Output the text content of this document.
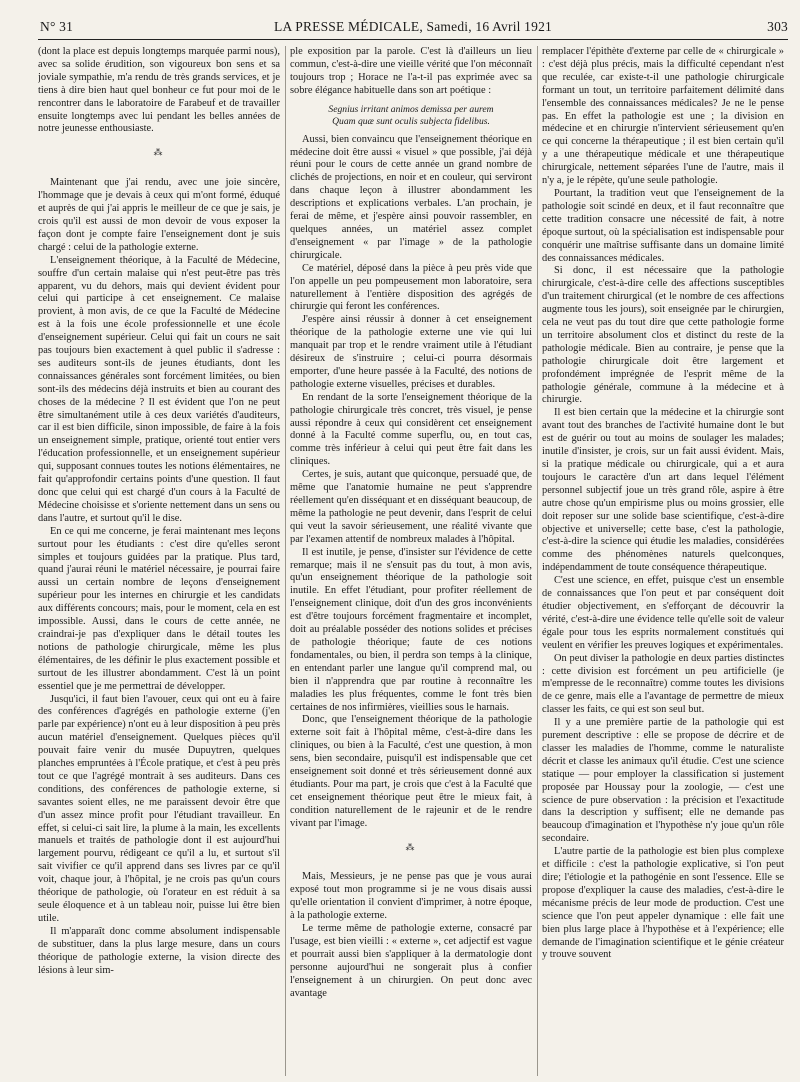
N° 31	LA PRESSE MÉDICALE, Samedi, 16 Avril 1921	303

(dont la place est depuis longtemps marquée parmi nous), avec sa solide érudition, son vigoureux bon sens et sa joviale sympathie, m'a rendu de très grands services, et je tiens à dire bien haut quel bonheur ce fut pour moi de le rencontrer dans le laboratoire de Farabeuf et de travailler ensuite longtemps avec lui pendant les belles années de notre jeunesse enthousiaste.

⁂

Maintenant que j'ai rendu, avec une joie sincère, l'hommage que je devais à ceux qui m'ont formé, éduqué et auprès de qui j'ai appris le meilleur de ce que je sais, je crois qu'il est aussi de mon devoir de vous exposer la façon dont je compte faire l'enseignement dont je suis chargé : celui de la pathologie externe.

L'enseignement théorique, à la Faculté de Médecine, souffre d'un certain malaise qui n'est peut-être pas très apparent, vu du dehors, mais qui devient évident pour celui qui participe à cet enseignement. Ce malaise provient, à mon avis, de ce que la Faculté de Médecine est à la fois une école professionnelle et une école d'enseignement supérieur. Celui qui fait un cours ne sait pas toujours bien exactement à quel public il s'adresse : ses auditeurs sont-ils de jeunes étudiants, dont les connaissances générales sont forcément limitées, ou bien sont-ils des médecins déjà instruits et bien au courant des choses de la médecine ? Il est évident que l'on ne peut être simultanément utile à ces deux variétés d'auditeurs, car il est bien difficile, sinon impossible, de faire à la fois un enseignement simple, pratique, orienté tout entier vers l'éducation professionnelle, et un enseignement supérieur qui, supposant connues toutes les notions élémentaires, ne fait qu'approfondir certains points d'une question. Il faut donc que celui qui est chargé d'un cours à la Faculté de Médecine choisisse et s'oriente nettement dans un sens ou dans l'autre, et surtout qu'il le dise.

En ce qui me concerne, je ferai maintenant mes leçons surtout pour les étudiants : c'est dire qu'elles seront simples et toujours guidées par la pratique. Plus tard, quand j'aurai réuni le matériel nécessaire, je pourrai faire aussi un certain nombre de leçons d'enseignement supérieur pour les internes en chirurgie et les candidats aux différents concours; mais, pour le moment, cela en est impossible. Aussi, dans le cours de cette année, ne craindrai-je pas d'expliquer dans le détail toutes les notions de pathologie chirurgicale, même les plus élémentaires, de les définir le plus exactement possible et surtout de les illustrer abondamment. C'est là un point essentiel que je me permettrai de développer.

Jusqu'ici, il faut bien l'avouer, ceux qui ont eu à faire des conférences d'agrégés en pathologie externe (j'en parle par expérience) n'ont eu à leur disposition à peu près aucun matériel d'enseignement. Quelques pièces qu'il pouvait faire venir du musée Dupuytren, quelques planches empruntées à l'École pratique, et c'est à peu près tout ce que l'agrégé montrait à ses auditeurs. Dans ces conditions, des conférences de pathologie externe, si savantes soient elles, ne me paraissent devoir être que d'un assez mince profit pour l'étudiant travailleur. En effet, si celui-ci sait lire, la plume à la main, les excellents manuels et traités de pathologie dont il est aujourd'hui largement pourvu, rédigeant ce qu'il a lu, et surtout s'il sait vivifier ce qu'il apprend dans ses livres par ce qu'il voit, chaque jour, à l'hôpital, je ne crois pas qu'un cours théorique de pathologie, où l'orateur en est réduit à sa seule éloquence et à un tableau noir, puisse lui être bien utile.

Il m'apparaît donc comme absolument indispensable de substituer, dans la plus large mesure, dans un cours théorique de pathologie externe, la vision directe des lésions à leur sim-

ple exposition par la parole. C'est là d'ailleurs un lieu commun, c'est-à-dire une vieille vérité que l'on méconnaît toujours trop ; Horace ne l'a-t-il pas exprimée avec sa sobre élégance habituelle dans son art poétique :

Segnius irritant animos demissa per aurem
Quam quæ sunt oculis subjecta fidelibus.

Aussi, bien convaincu que l'enseignement théorique en médecine doit être aussi « visuel » que possible, j'ai déjà réuni pour le cours de cette année un grand nombre de clichés de projections, en noir et en couleur, qui serviront dans chaque leçon à illustrer abondamment les descriptions et explications verbales. L'an prochain, je ferai de même, et j'espère ainsi pouvoir rassembler, en quelques années, un matériel assez complet d'enseignement « par l'image » de la pathologie chirurgicale.

Ce matériel, déposé dans la pièce à peu près vide que l'on appelle un peu pompeusement mon laboratoire, sera naturellement à l'entière disposition des agrégés de chirurgie qui feront les conférences.

J'espère ainsi réussir à donner à cet enseignement théorique de la pathologie externe une vie qui lui manquait par trop et le rendre vraiment utile à l'étudiant désireux de s'instruire ; celui-ci pourra désormais emporter, d'une heure passée à la Faculté, des notions de pathologie externe visuelles, précises et durables.

En rendant de la sorte l'enseignement théorique de la pathologie chirurgicale très concret, très visuel, je pense aussi répondre à ceux qui considèrent cet enseignement donné à la Faculté comme superflu, ou, en tout cas, comme très inférieur à celui qui peut être fait dans les cliniques.

Certes, je suis, autant que quiconque, persuadé que, de même que l'anatomie humaine ne peut s'apprendre réellement qu'en disséquant et en disséquant beaucoup, de même la pathologie ne peut devenir, dans l'esprit de celui qui veut la savoir sérieusement, une réalité vivante que par l'examen attentif de nombreux malades à l'hôpital.

Il est inutile, je pense, d'insister sur l'évidence de cette remarque; mais il ne s'ensuit pas du tout, à mon avis, qu'un enseignement théorique de la pathologie soit inutile. En effet l'étudiant, pour profiter réellement de l'enseignement clinique, doit d'un des gros inconvénients est d'être toujours forcément fragmentaire et incomplet, doit au préalable posséder des notions solides et précises de pathologie théorique; faute de ces notions fondamentales, ou bien, il perdra son temps à la clinique, en entendant parler une langue qu'il comprend mal, ou bien il n'apprendra que par routine à reconnaître les maladies les plus fréquentes, comme le font très bien certaines de nos infirmières, vieillies sous le harnais.

Donc, que l'enseignement théorique de la pathologie externe soit fait à l'hôpital même, c'est-à-dire dans les cliniques, ou bien à la Faculté, c'est une question, à mon sens, bien secondaire, puisqu'il est indispensable que cet enseignement soit donné et très sérieusement donné aux étudiants. Pour ma part, je crois que c'est à la Faculté que cet enseignement théorique peut être le mieux fait, à condition naturellement de le rajeunir et de le rendre vivant par l'image.

⁂

Mais, Messieurs, je ne pense pas que je vous aurai exposé tout mon programme si je ne vous disais aussi qu'elle orientation il convient d'imprimer, à notre époque, à la pathologie externe.

Le terme même de pathologie externe, consacré par l'usage, est bien vieilli : « externe », cet adjectif est vague et pourrait aussi bien s'appliquer à la dermatologie dont personne aujourd'hui ne songerait plus à confier l'enseignement à un chirurgien. On peut donc avec avantage

remplacer l'épithète d'externe par celle de « chirurgicale » : c'est déjà plus précis, mais la difficulté cependant n'est que reculée, car existe-t-il une pathologie chirurgicale formant un tout, un territoire parfaitement délimité dans l'ensemble des connaissances médicales? Je ne le pense pas. En effet la pathologie est une ; la division en médecine et en chirurgie n'intervient sérieusement qu'en ce qui concerne la thérapeutique ; il est bien certain qu'il y a une thérapeutique médicale et une thérapeutique chirurgicale, nettement séparées l'une de l'autre, mais il n'y a, je le répète, qu'une seule pathologie.

Pourtant, la tradition veut que l'enseignement de la pathologie soit scindé en deux, et il faut reconnaître que cette tradition consacre une nécessité de fait, à notre époque surtout, où la spécialisation est indispensable pour conquérir une maîtrise suffisante dans un domaine limité des connaissances médicales.

Si donc, il est nécessaire que la pathologie chirurgicale, c'est-à-dire celle des affections susceptibles d'un traitement chirurgical (et le nombre de ces affections augmente tous les jours), soit enseignée par le chirurgien, cela ne veut pas du tout dire que cette pathologie forme un territoire absolument clos et distinct du reste de la pathologie médicale. Bien au contraire, je pense que la pathologie chirurgicale doit être largement et profondément imprégnée de l'esprit même de la pathologie générale, commune à la médecine et à chirurgie.

Il est bien certain que la médecine et la chirurgie sont avant tout des branches de l'activité humaine dont le but est de guérir ou tout au moins de soulager les malades; inutile d'insister, je crois, sur un fait aussi évident. Mais, si la pratique médicale ou chirurgicale, qui a et aura toujours le caractère d'un art dans lequel l'élément personnel subjectif joue un très grand rôle, aspire à être autre chose qu'un empirisme plus ou moins grossier, elle doit reposer sur une solide base scientifique, c'est-à-dire objective et universelle; cette base, c'est la pathologie, c'est-à-dire la science qui étudie les maladies, considérées comme des phénomènes naturels quelconques, indépendamment de toute conséquence thérapeutique.

C'est une science, en effet, puisque c'est un ensemble de connaissances que l'on peut et par conséquent doit étudier objectivement, en s'efforçant de découvrir la vérité, c'est-à-dire une évidence telle qu'elle soit de valeur égale pour tous les esprits normalement constitués qui veulent en vérifier les preuves logiques et expérimentales.

On peut diviser la pathologie en deux parties distinctes : cette division est forcément un peu artificielle (je m'empresse de le reconnaître) comme toutes les divisions de ce genre, mais elle a l'avantage de permettre de mieux classer les faits, ce qui est son seul but.

Il y a une première partie de la pathologie qui est purement descriptive : elle se propose de décrire et de classer les maladies de l'homme, comme le naturaliste décrit et classe les animaux qu'il étudie. C'est une science statique — pour employer la classification si justement proposée par Houssay pour la zoologie, — c'est une science de pure observation : la précision et l'exactitude dans la description y suffisent; elle ne demande pas beaucoup d'imagination et l'hypothèse n'y joue qu'un rôle secondaire.

L'autre partie de la pathologie est bien plus complexe et difficile : c'est la pathologie explicative, si l'on peut dire; l'étiologie et la pathogénie en sont l'essence. Elle se propose d'expliquer la cause des maladies, c'est-à-dire le mécanisme précis de leur mode de production. C'est une science que l'on peut appeler dynamique : elle fait une bien plus large place à l'hypothèse et à l'expérience; elle demande de l'imagination scientifique et le génie créateur y trouve souvent
